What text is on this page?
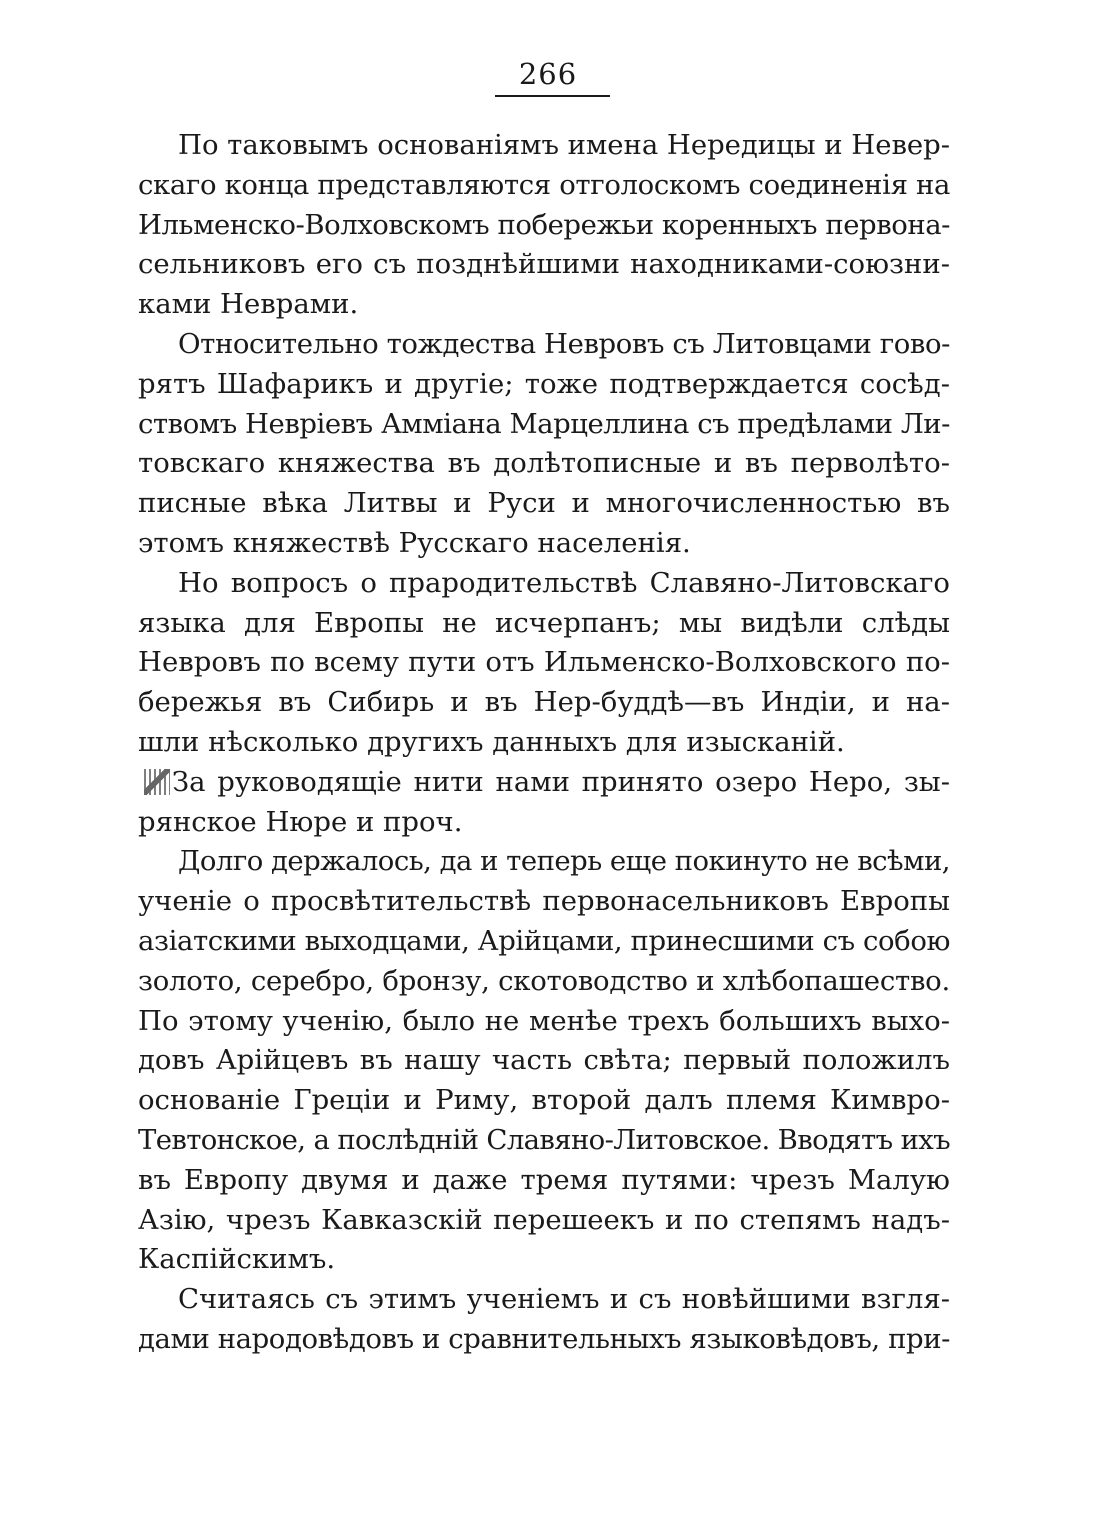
266
По таковымъ основаніямъ имена Нередицы и Невер-
скаго конца представляются отголоскомъ соединенія на
Ильменско-Волховскомъ побережьи коренныхъ первона-
сельниковъ его съ позднѣйшими находниками-союзни-
ками Неврами.
Относительно тождества Невровъ съ Литовцами гово-
рятъ Шафарикъ и другіе; тоже подтверждается сосѣд-
ствомъ Невріевъ Амміана Марцеллина съ предѣлами Ли-
товскаго княжества въ долѣтописные и въ перволѣто-
писные вѣка Литвы и Руси и многочисленностью въ
этомъ княжествѣ Русскаго населенія.
Но вопросъ о прародительствѣ Славяно-Литовскаго
языка для Европы не исчерпанъ; мы видѣли слѣды
Невровъ по всему пути отъ Ильменско-Волховского по-
бережья въ Сибирь и въ Нер-буддѣ—въ Индіи, и на-
шли нѣсколько другихъ данныхъ для изысканій.
За руководящіе нити нами принято озеро Неро, зы-
рянское Нюре и проч.
Долго держалось, да и теперь еще покинуто не всѣми,
ученіе о просвѣтительствѣ первонасельниковъ Европы
азіатскими выходцами, Арійцами, принесшими съ собою
золото, серебро, бронзу, скотоводство и хлѣбопашество.
По этому ученію, было не менѣе трехъ большихъ выхо-
довъ Арійцевъ въ нашу часть свѣта; первый положилъ
основаніе Греціи и Риму, второй далъ племя Кимвро-
Тевтонское, а послѣдній Славяно-Литовское. Вводятъ ихъ
въ Европу двумя и даже тремя путями: чрезъ Малую
Азію, чрезъ Кавказскій перешеекъ и по степямъ надъ-
Каспійскимъ.
Считаясь съ этимъ ученіемъ и съ новѣйшими взгля-
дами народовѣдовъ и сравнительныхъ языковѣдовъ, при-
